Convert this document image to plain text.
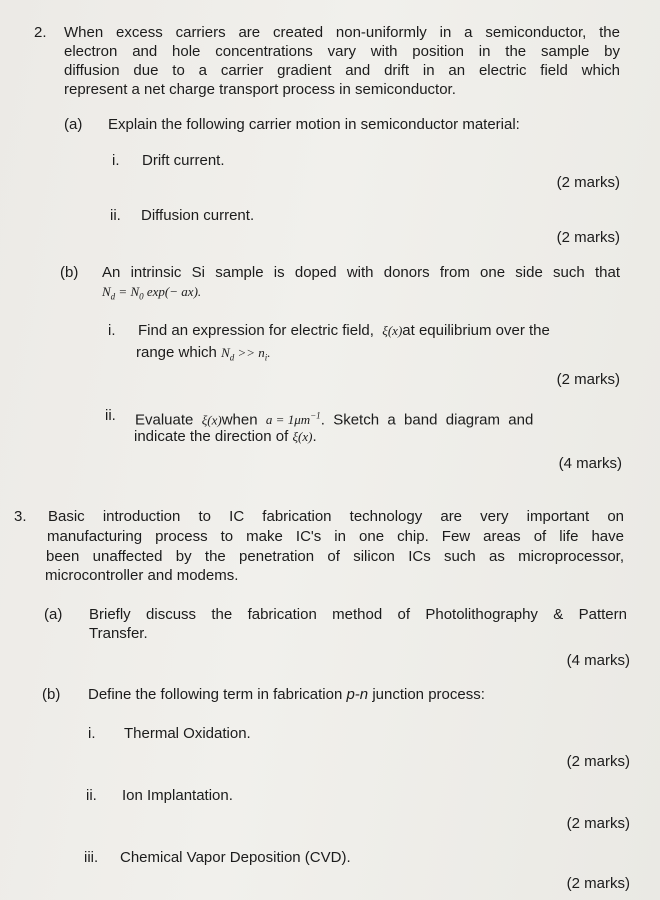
2. When excess carriers are created non-uniformly in a semiconductor, the
electron and hole concentrations vary with position in the sample by
diffusion due to a carrier gradient and drift in an electric field which
represent a net charge transport process in semiconductor.
(a) Explain the following carrier motion in semiconductor material:
i. Drift current.
(2 marks)
ii. Diffusion current.
(2 marks)
(b) An intrinsic Si sample is doped with donors from one side such that
$N_d = N_0$ exp(− ax).
i. Find an expression for electric field,  ξ(x)at equilibrium over the
range which $N_d >> n_i$.
(2 marks)
ii. Evaluate  ξ(x)when  $a = 1\mu m^{-1}$.  Sketch  a  band  diagram  and
indicate the direction of ξ(x).
(4 marks)
3. Basic introduction to IC fabrication technology are very important on
manufacturing process to make IC's in one chip. Few areas of life have
been unaffected by the penetration of silicon ICs such as microprocessor,
microcontroller and modems.
(a) Briefly discuss the fabrication method of Photolithography & Pattern
Transfer.
(4 marks)
(b) Define the following term in fabrication p-n junction process:
i. Thermal Oxidation.
(2 marks)
ii. Ion Implantation.
(2 marks)
iii. Chemical Vapor Deposition (CVD).
(2 marks)
